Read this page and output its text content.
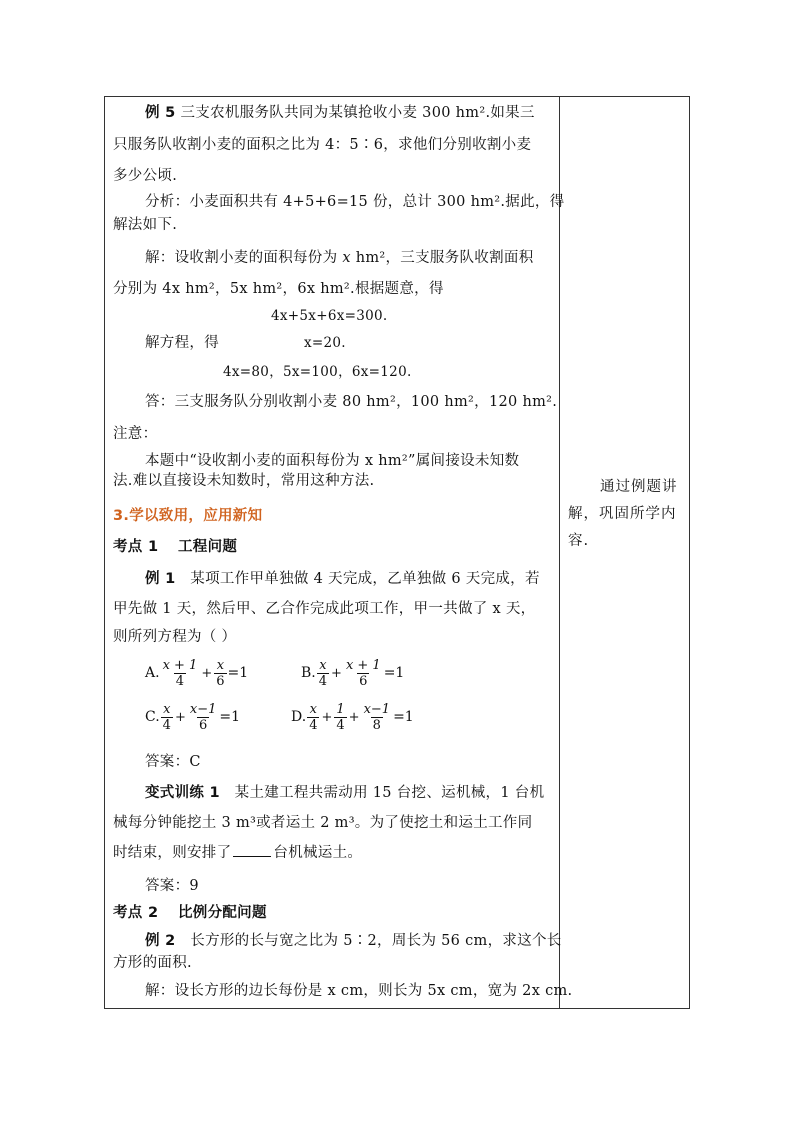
例 5 三支农机服务队共同为某镇抢收小麦 300 hm².如果三
只服务队收割小麦的面积之比为 4：5∶6，求他们分别收割小麦
多少公顷.
分析：小麦面积共有 4+5+6=15 份，总计 300 hm².据此，得
解法如下.
解：设收割小麦的面积每份为 x hm²，三支服务队收割面积
分别为 4x hm²，5x hm²，6x hm².根据题意，得
4x+5x+6x=300.
解方程，得	x=20.
4x=80，5x=100，6x=120.
答：三支服务队分别收割小麦 80 hm²，100 hm²，120 hm².
注意：
本题中“设收割小麦的面积每份为 x hm²”属间接设未知数
法.难以直接设未知数时，常用这种方法.
3.学以致用，应用新知
考点 1 工程问题
例 1 某项工作甲单独做 4 天完成，乙单独做 6 天完成，若
甲先做 1 天，然后甲、乙合作完成此项工作，甲一共做了 x 天，
则所列方程为（ ）
A. $\frac{x + 1}{4} + \frac{x}{6} =1$	B. $\frac{x}{4} + \frac{x + 1}{6} =1$
C. $\frac{x}{4} + \frac{x-1}{6} =1$	D. $\frac{x}{4} + \frac{1}{4} + \frac{x-1}{8} =1$
答案：C
变式训练 1 某土建工程共需动用 15 台挖、运机械，1 台机
械每分钟能挖土 3 m³或者运土 2 m³。为了使挖土和运土工作同
时结束，则安排了	台机械运土。
答案：9
考点 2 比例分配问题
例 2 长方形的长与宽之比为 5∶2，周长为 56 cm，求这个长
方形的面积.
解：设长方形的边长每份是 x cm，则长为 5x cm，宽为 2x cm.
通过例题讲
解，巩固所学内
容.
